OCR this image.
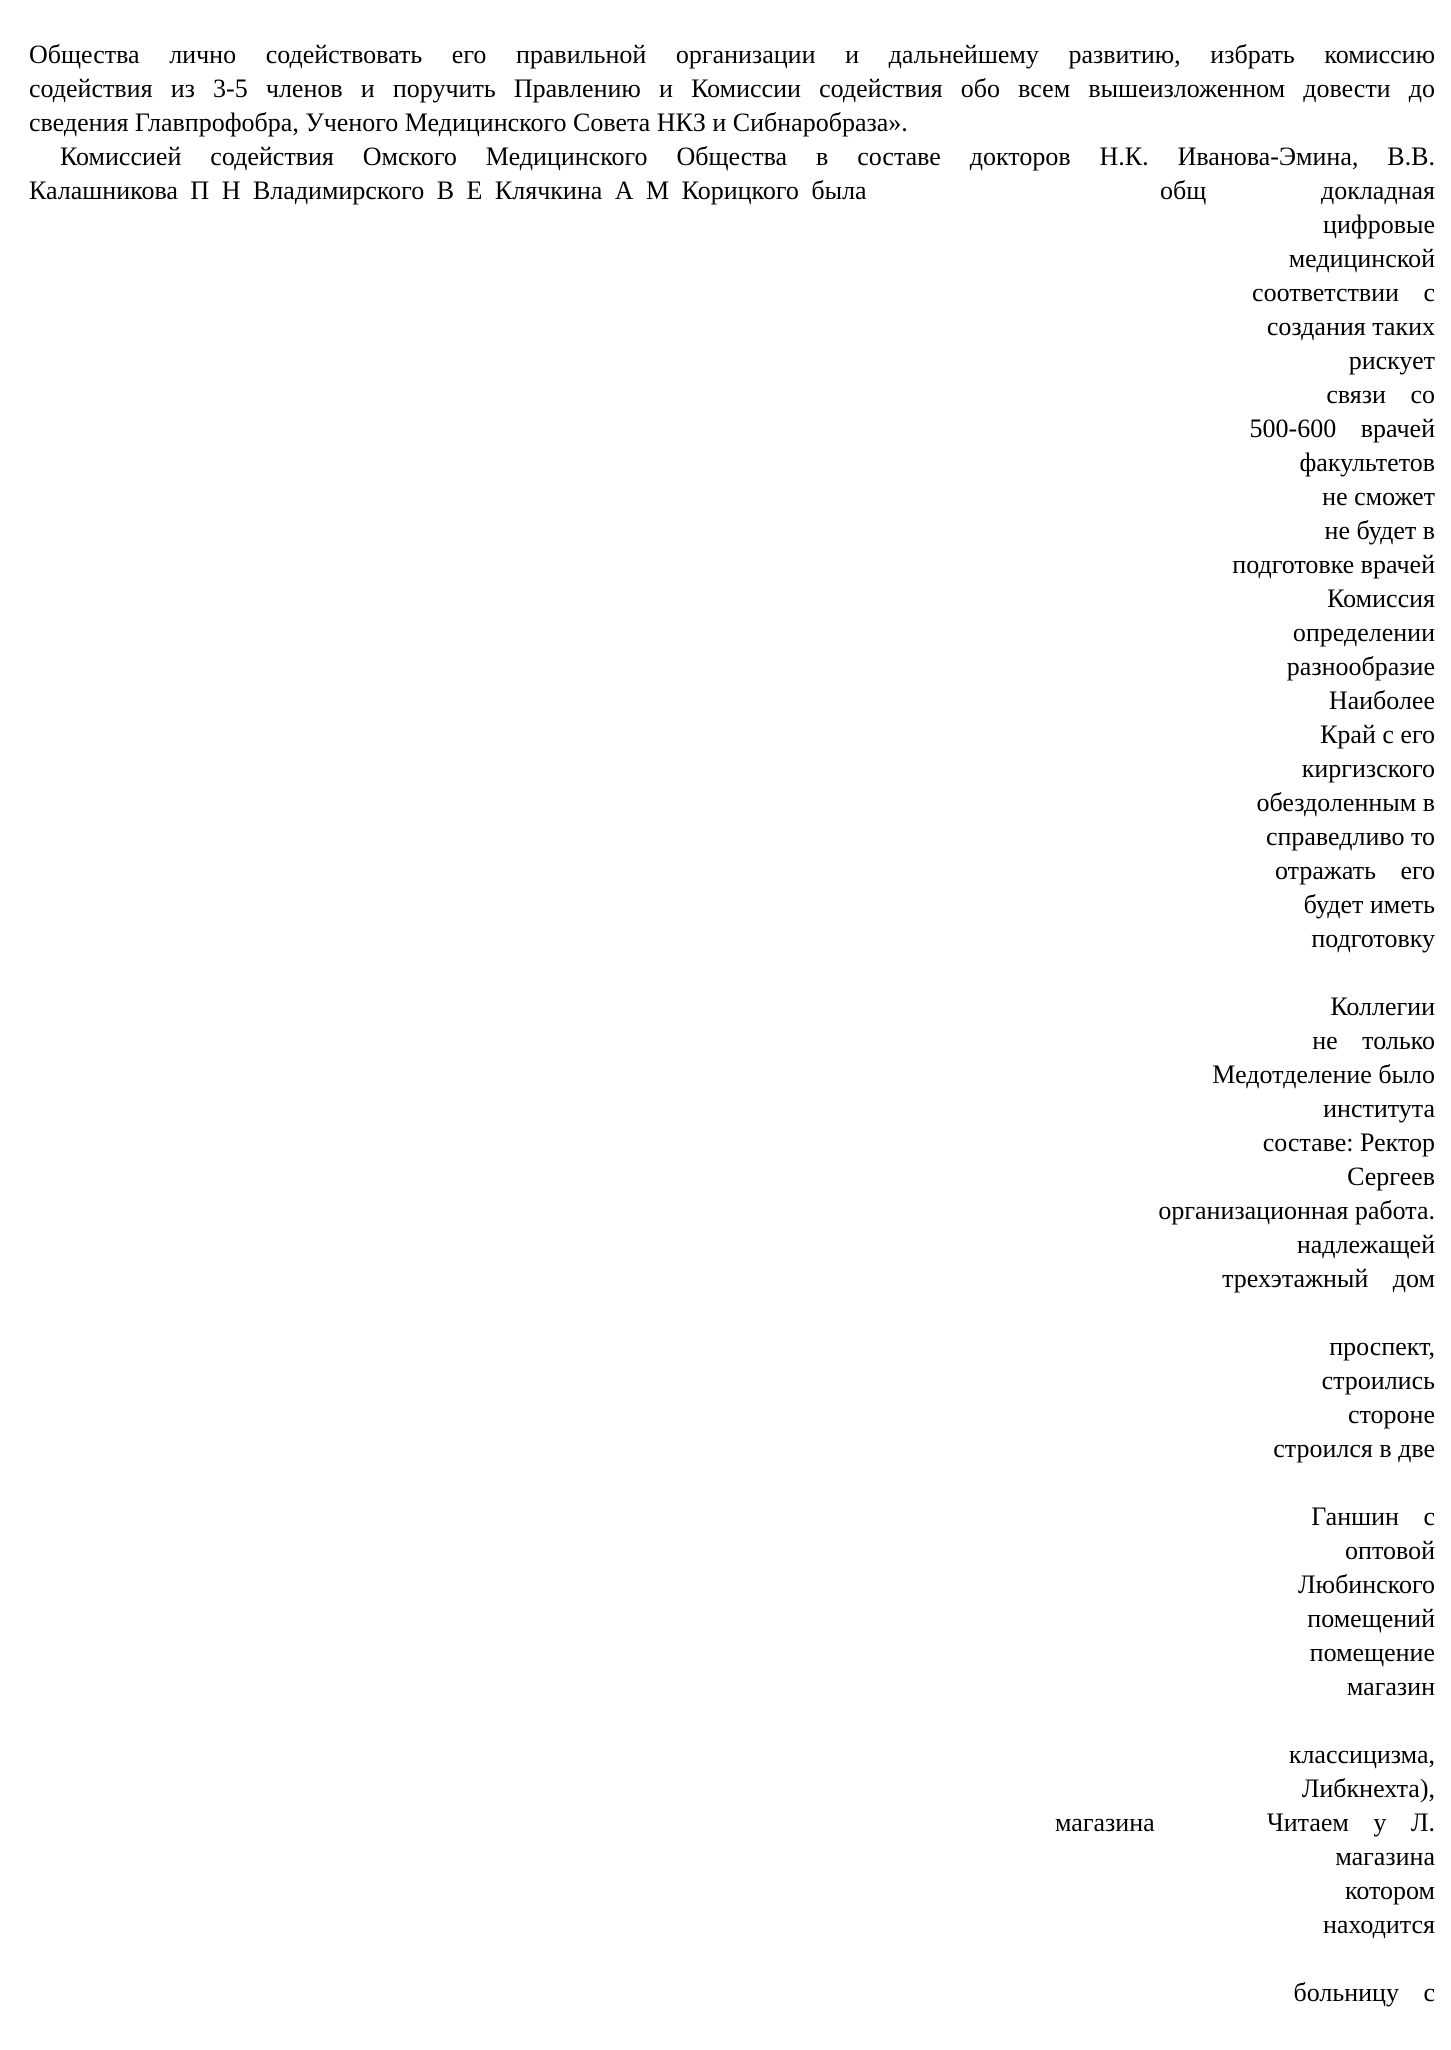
Общества лично содействовать его правильной организации и дальнейшему развитию, избрать комиссию
содействия из 3-5 членов и поручить Правлению и Комиссии содействия обо всем вышеизложенном довести до
сведения Главпрофобра, Ученого Медицинского Совета НКЗ и Сибнаробраза».
Комиссией содействия Омского Медицинского Общества в составе докторов Н.К. Иванова-Эмина, В.В.
Калашникова П Н Владимирского В Е Клячкина А М Корицкого была	общ	докладная
цифровые
медицинской
соответствии с
создания таких
рискует
связи со
500-600 врачей
факультетов
не сможет
не будет в
подготовке врачей
Комиссия
определении
разнообразие
Наиболее
Край с его
киргизского
обездоленным в
справедливо то
отражать его
будет иметь
подготовку
Коллегии
не только
Медотделение было
института
составе: Ректор
Сергеев
организационная работа.
надлежащей
трехэтажный дом
проспект,
строились
стороне
строился в две
Ганшин с
оптовой
Любинского
помещений
помещение
магазин
классицизма,
Либкнехта),
Читаем у Л.
магазина
котором
находится
больницу с
магазина
